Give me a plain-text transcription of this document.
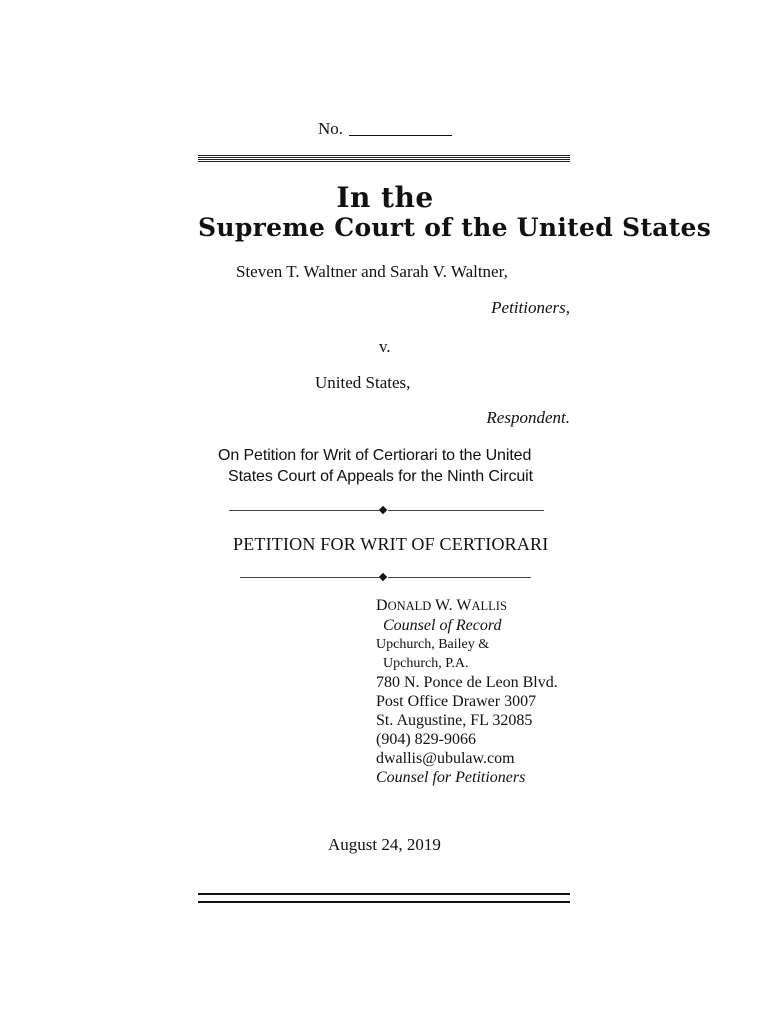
No.
In the
Supreme Court of the United States
Steven T. Waltner and Sarah V. Waltner,
Petitioners,
v.
United States,
Respondent.
On Petition for Writ of Certiorari to the United
States Court of Appeals for the Ninth Circuit
PETITION FOR WRIT OF CERTIORARI
DONALD W. WALLIS
Counsel of Record
Upchurch, Bailey &
Upchurch, P.A.
780 N. Ponce de Leon Blvd.
Post Office Drawer 3007
St. Augustine, FL 32085
(904) 829-9066
dwallis@ubulaw.com
Counsel for Petitioners
August 24, 2019
